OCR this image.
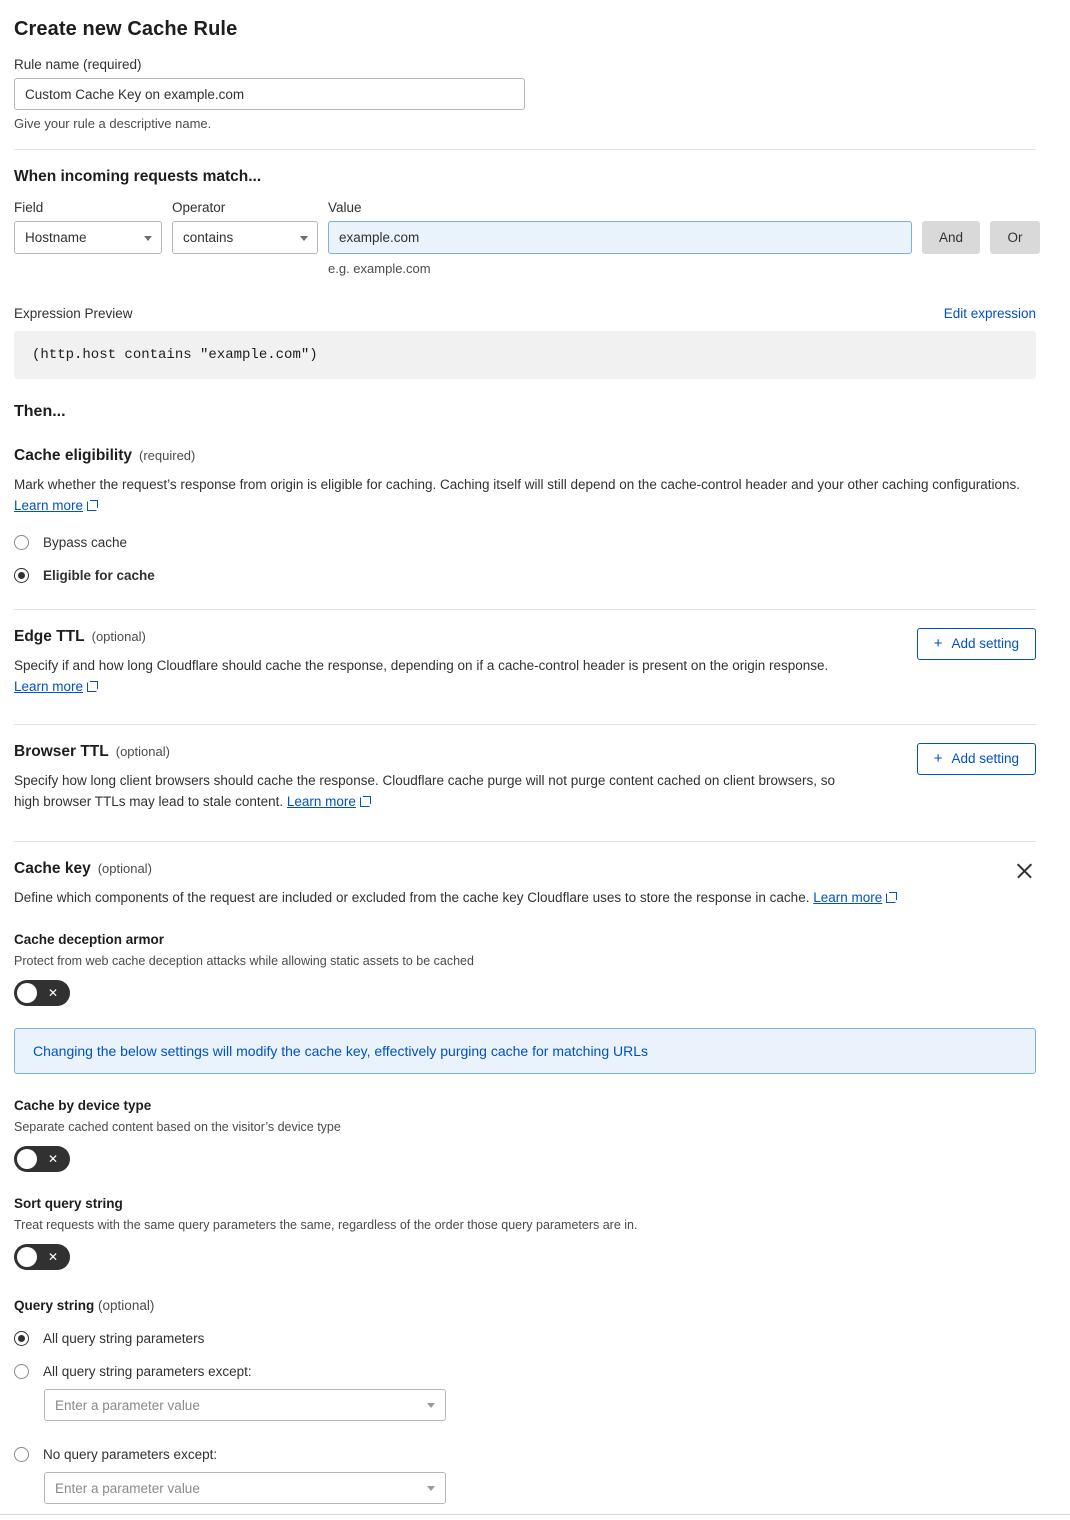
Create new Cache Rule
Rule name (required)
Custom Cache Key on example.com
Give your rule a descriptive name.
When incoming requests match...
Field
Hostname
Operator
contains
Value
example.com
e.g. example.com

And
	Or
Expression Preview	Edit expression
(http.host contains "example.com")
Then...
Cache eligibility (required)
Mark whether the request’s response from origin is eligible for caching. Caching itself will still depend on the cache-control header and your other caching configurations. Learn more
Bypass cache
Eligible for cache
Edge TTL (optional)
Specify if and how long Cloudflare should cache the response, depending on if a cache-control header is present on the origin response. Learn more
+ Add setting
Browser TTL (optional)
Specify how long client browsers should cache the response. Cloudflare cache purge will not purge content cached on client browsers, so high browser TTLs may lead to stale content. Learn more
+ Add setting
Cache key (optional)
Define which components of the request are included or excluded from the cache key Cloudflare uses to store the response in cache. Learn more
Cache deception armor
Protect from web cache deception attacks while allowing static assets to be cached
✕
Changing the below settings will modify the cache key, effectively purging cache for matching URLs
Cache by device type
Separate cached content based on the visitor’s device type
✕
Sort query string
Treat requests with the same query parameters the same, regardless of the order those query parameters are in.
✕
Query string (optional)
All query string parameters
All query string parameters except:
Enter a parameter value
No query parameters except:
Enter a parameter value
